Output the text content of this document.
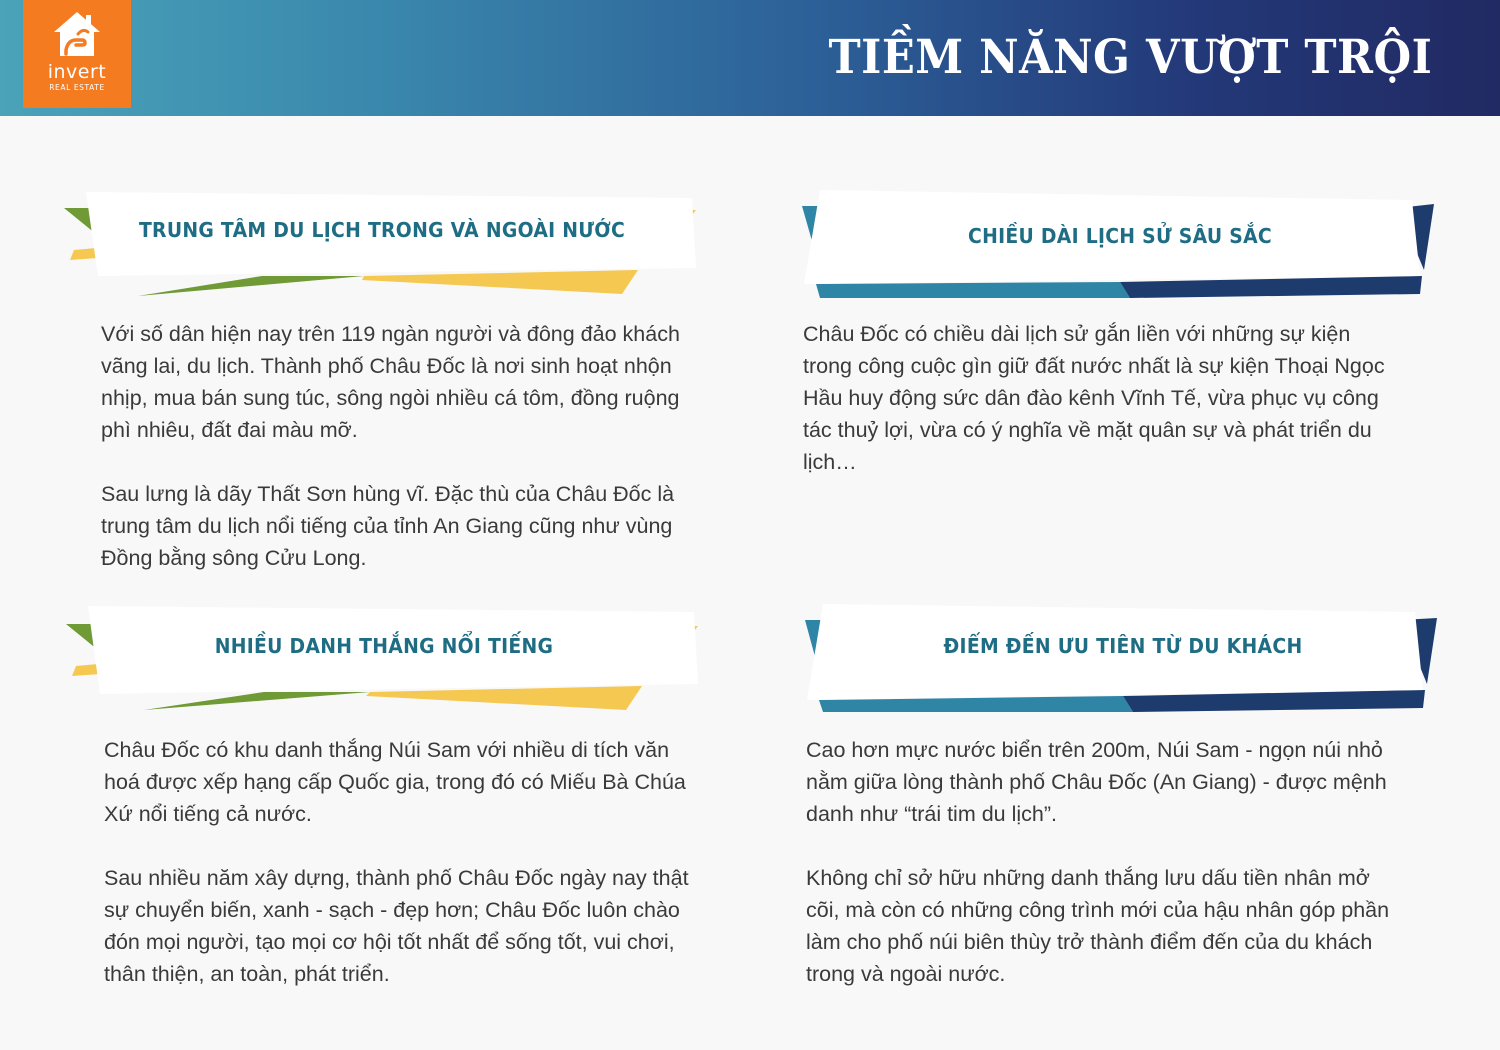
invert
REAL ESTATE
TIỀM NĂNG VƯỢT TRỘI
TRUNG TÂM DU LỊCH TRONG VÀ NGOÀI NƯỚC

Với số dân hiện nay trên 119 ngàn người và đông đảo khách vãng lai, du lịch. Thành phố Châu Đốc là nơi sinh hoạt nhộn nhịp, mua bán sung túc, sông ngòi nhiều cá tôm, đồng ruộng phì nhiêu, đất đai màu mỡ.

Sau lưng là dãy Thất Sơn hùng vĩ. Đặc thù của Châu Đốc là trung tâm du lịch nổi tiếng của tỉnh An Giang cũng như vùng Đồng bằng sông Cửu Long.

CHIỀU DÀI LỊCH SỬ SÂU SẮC

Châu Đốc có chiều dài lịch sử gắn liền với những sự kiện trong công cuộc gìn giữ đất nước nhất là sự kiện Thoại Ngọc Hầu huy động sức dân đào kênh Vĩnh Tế, vừa phục vụ công tác thuỷ lợi, vừa có ý nghĩa về mặt quân sự và phát triển du lịch…

NHIỀU DANH THẮNG NỔI TIẾNG

Châu Đốc có khu danh thắng Núi Sam với nhiều di tích văn hoá được xếp hạng cấp Quốc gia, trong đó có Miếu Bà Chúa Xứ nổi tiếng cả nước.

Sau nhiều năm xây dựng, thành phố Châu Đốc ngày nay thật sự chuyển biến, xanh - sạch - đẹp hơn; Châu Đốc luôn chào đón mọi người, tạo mọi cơ hội tốt nhất để sống tốt, vui chơi, thân thiện, an toàn, phát triển.

ĐIỂM ĐẾN ƯU TIÊN TỪ DU KHÁCH

Cao hơn mực nước biển trên 200m, Núi Sam - ngọn núi nhỏ nằm giữa lòng thành phố Châu Đốc (An Giang) - được mệnh danh như “trái tim du lịch”.

Không chỉ sở hữu những danh thắng lưu dấu tiền nhân mở cõi, mà còn có những công trình mới của hậu nhân góp phần làm cho phố núi biên thùy trở thành điểm đến của du khách trong và ngoài nước.
